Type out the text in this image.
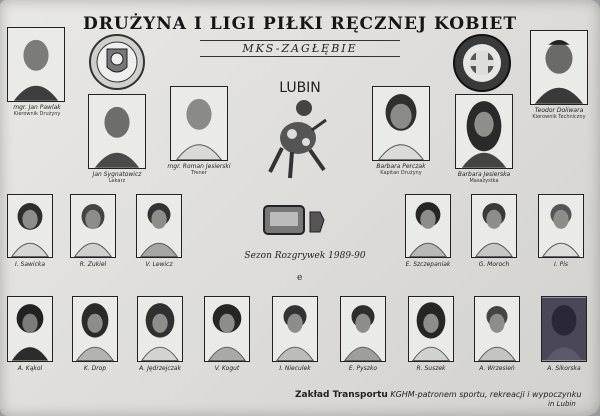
DRUŻYNA I LIGI PIŁKI RĘCZNEJ KOBIET
MKS-ZAGŁĘBIE
LUBIN
Sezon Rozgrywek 1989-90
e
mgr. Jan Pawlak
Kierownik Drużyny
Jan Sygnatowicz
Lekarz
mgr. Roman Jesierski
Trener
Barbara Perczak
Kapitan Drużyny	Barbara Jesierska
Masażystka
Teodor Doliwara
Kierownik Techniczny
I. Sawicka	R. Zukiel	V. Lewicz	E. Szczepaniak	G. Moroch	I. Pis
A. Kąkol	K. Drop	A. Jędrzejczak	V. Kogut	I. Nieculek	E. Pyszko	R. Suszek	A. Wrzesień	A. Sikorska
Zakład Transportu KGHM-patronem sportu, rekreacji i wypoczynku
in Lubin
